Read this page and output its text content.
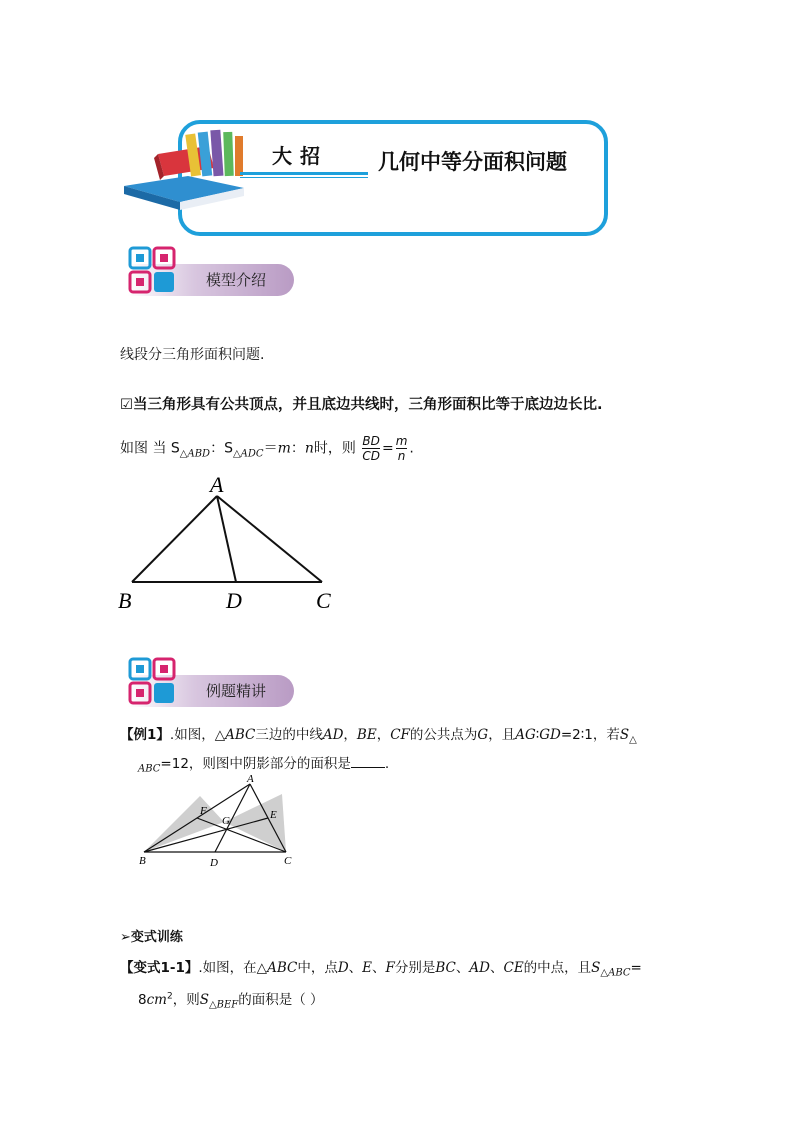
大招 几何中等分面积问题
模型介绍
线段分三角形面积问题.
☑当三角形具有公共顶点，并且底边共线时，三角形面积比等于底边边长比.
如图 当 $S_{\triangle ABD}$：$S_{\triangle ADC}=m$：n时，则 $\frac{BD}{CD} = \frac{m}{n}$ .
A
B	D	C
例题精讲
【例1】.如图，△ABC三边的中线AD，BE，CF的公共点为G，且AG∶GD=2∶1，若$S_\triangle$
$_{ABC}$=12，则图中阴影部分的面积是	.
A
B	D	C
E
F
G
➢变式训练
【变式1-1】.如图，在△ABC中，点D、E、F分别是BC、AD、CE的中点，且$S_{\triangle ABC}=$
$8cm^2$，则$S_{\triangle BEF}$的面积是（ ）
